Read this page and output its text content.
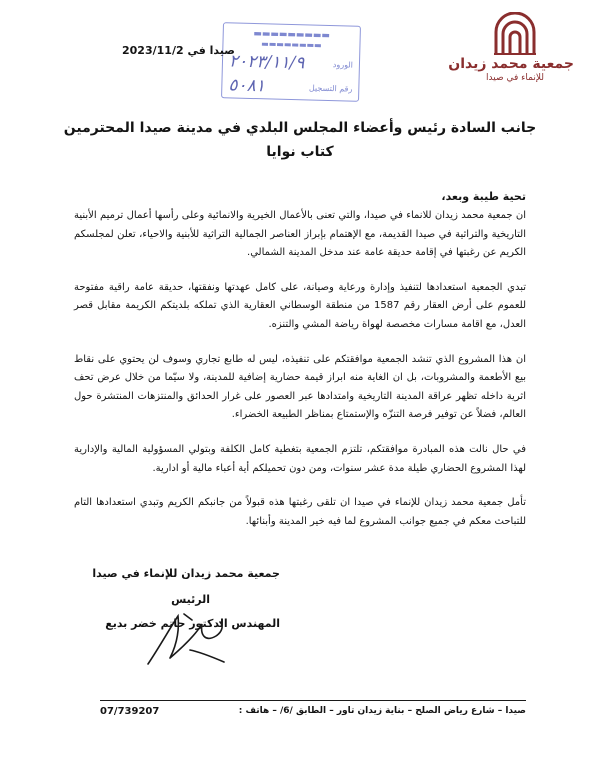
جمعية محمد زيدان
للإنماء في صيدا
▬▬▬▬▬▬▬▬▬
▬▬▬▬▬▬▬▬
الورود
٢٠٢٣/١١/٩
رقم التسجيل
٥٠٨١
صيدا في 2023/11/2
جانب السادة رئيس وأعضاء المجلس البلدي في مدينة صيدا المحترمين
كتاب نوايا
تحية طيبة وبعد،

ان جمعية محمد زيدان للانماء في صيدا، والتي تعنى بالأعمال الخيرية والانمائية وعلى رأسها أعمال ترميم الأبنية التاريخية والتراثية في صيدا القديمة، مع الإهتمام بإبراز العناصر الجمالية التراثية للأبنية والاحياء، تعلن لمجلسكم الكريم عن رغبتها في إقامة حديقة عامة عند مدخل المدينة الشمالي.

تبدي الجمعية استعدادها لتنفيذ وإدارة ورعاية وصيانة، على كامل عهدتها ونفقتها، حديقة عامة راقية مفتوحة للعموم على أرض العقار رقم 1587 من منطقة الوسطاني العقارية الذي تملكه بلديتكم الكريمة مقابل قصر العدل، مع اقامة مسارات مخصصة لهواة رياضة المشي والتنزه.

ان هذا المشروع الذي تنشد الجمعية موافقتكم على تنفيذه، ليس له طابع تجاري وسوف لن يحتوي على نقاط بيع الأطعمة والمشروبات، بل ان الغاية منه ابراز قيمة حضارية إضافية للمدينة، ولا سيّما من خلال عرض تحف اثرية داخله تظهر عراقة المدينة التاريخية وامتدادها عبر العصور على غرار الحدائق والمنتزهات المنتشرة حول العالم، فضلاً عن توفير فرصة التنزّه والإستمتاع بمناظر الطبيعة الخضراء.

في حال نالت هذه المبادرة موافقتكم، تلتزم الجمعية بتغطية كامل الكلفة وبتولي المسؤولية المالية والإدارية لهذا المشروع الحضاري طيلة مدة عشر سنوات، ومن دون تحميلكم أية أعباء مالية أو ادارية.

تأمل جمعية محمد زيدان للإنماء في صيدا ان تلقى رغبتها هذه قبولاً من جانبكم الكريم وتبدي استعدادها التام للتباحث معكم في جميع جوانب المشروع لما فيه خير المدينة وأبنائها.

جمعية محمد زيدان للإنماء في صيدا
الرئيس
المهندس الدكتور حاتم خضر بديع
07/739207	صيدا – شارع رياض الصلح – بناية زيدان تاور – الطابق /6/ – هاتف :
